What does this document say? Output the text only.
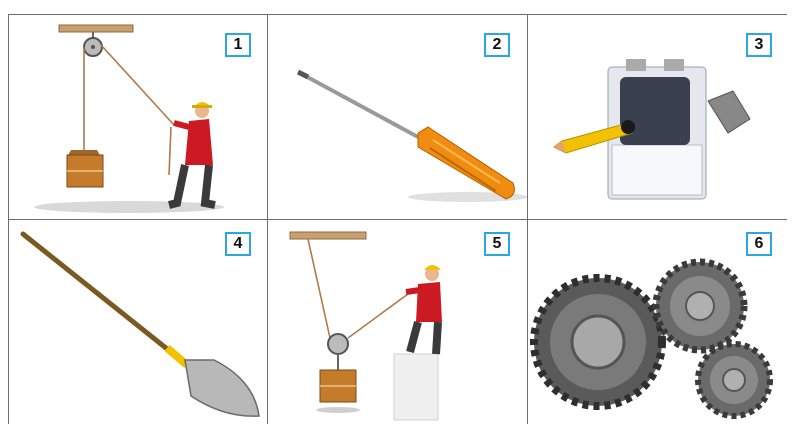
1	2	3
4	5	6
